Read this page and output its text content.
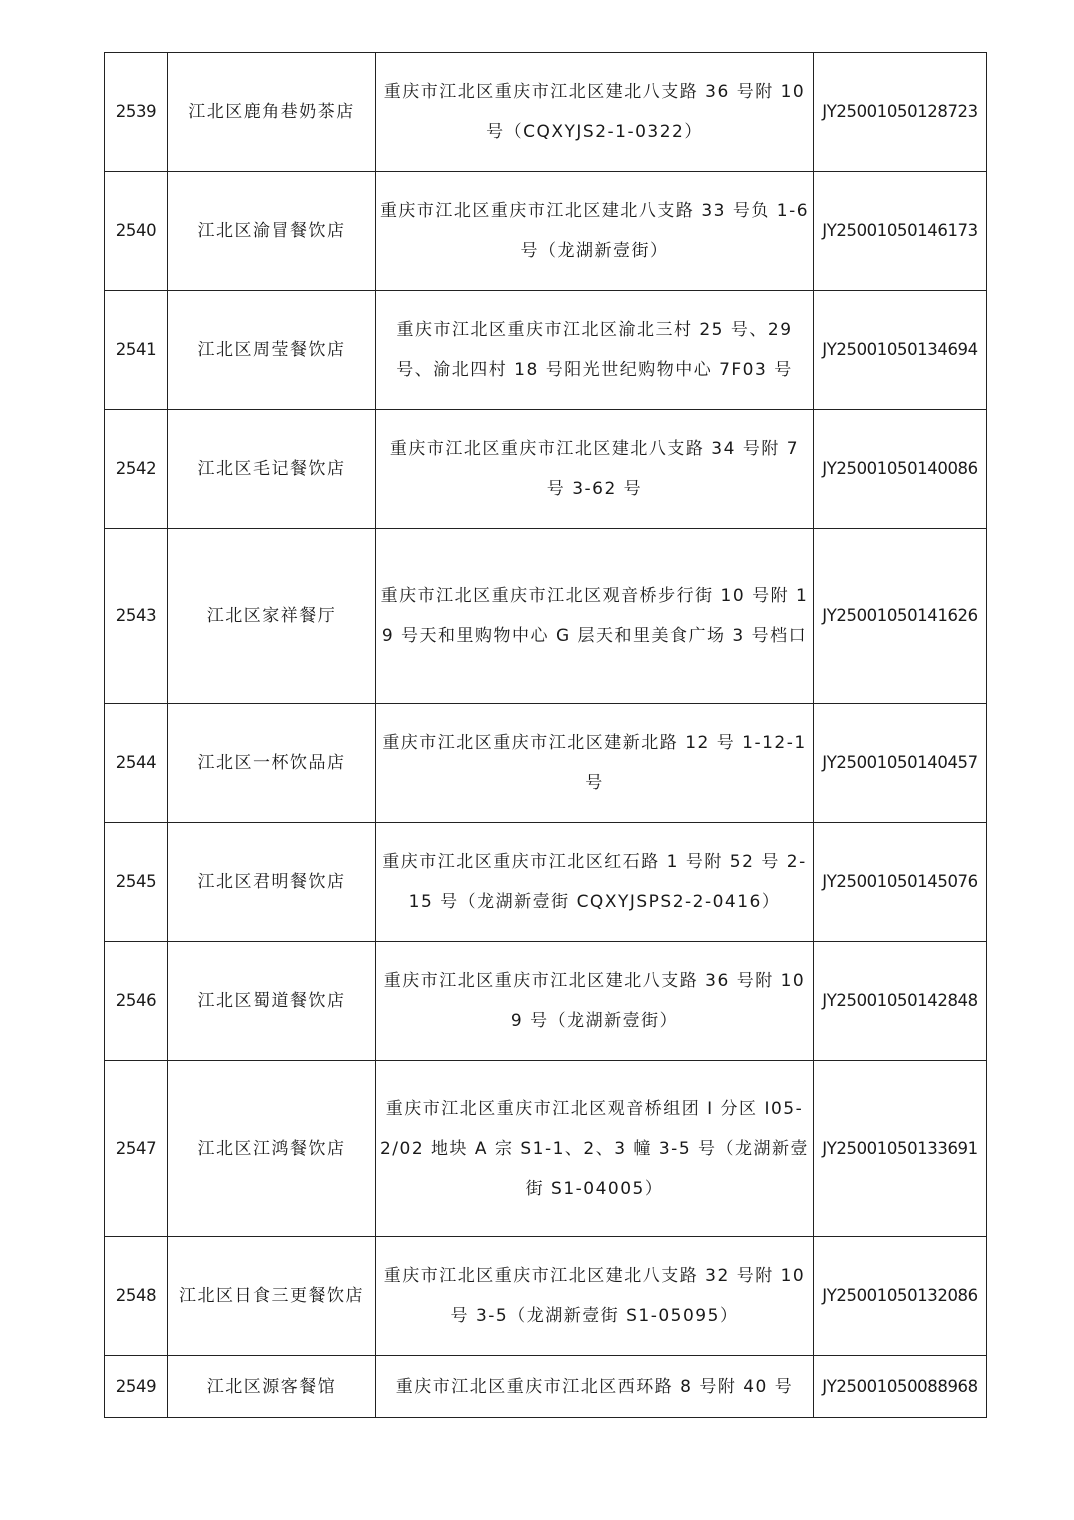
2539	江北区鹿角巷奶茶店	重庆市江北区重庆市江北区建北八支路 36 号附 10 号（CQXYJS2-1-0322）	JY25001050128723
2540	江北区渝冒餐饮店	重庆市江北区重庆市江北区建北八支路 33 号负 1-6 号（龙湖新壹街）	JY25001050146173
2541	江北区周莹餐饮店	重庆市江北区重庆市江北区渝北三村 25 号、29 号、渝北四村 18 号阳光世纪购物中心 7F03 号	JY25001050134694
2542	江北区毛记餐饮店	重庆市江北区重庆市江北区建北八支路 34 号附 7 号 3-62 号	JY25001050140086
2543	江北区家祥餐厅	重庆市江北区重庆市江北区观音桥步行街 10 号附 19 号天和里购物中心 G 层天和里美食广场 3 号档口	JY25001050141626
2544	江北区一杯饮品店	重庆市江北区重庆市江北区建新北路 12 号 1-12-1 号	JY25001050140457
2545	江北区君明餐饮店	重庆市江北区重庆市江北区红石路 1 号附 52 号 2-15 号（龙湖新壹街 CQXYJSPS2-2-0416）	JY25001050145076
2546	江北区蜀道餐饮店	重庆市江北区重庆市江北区建北八支路 36 号附 109 号（龙湖新壹街）	JY25001050142848
2547	江北区江鸿餐饮店	重庆市江北区重庆市江北区观音桥组团 I 分区 I05-2/02 地块 A 宗 S1-1、2、3 幢 3-5 号（龙湖新壹街 S1-04005）	JY25001050133691
2548	江北区日食三更餐饮店	重庆市江北区重庆市江北区建北八支路 32 号附 10 号 3-5（龙湖新壹街 S1-05095）	JY25001050132086
2549	江北区源客餐馆	重庆市江北区重庆市江北区西环路 8 号附 40 号	JY25001050088968
